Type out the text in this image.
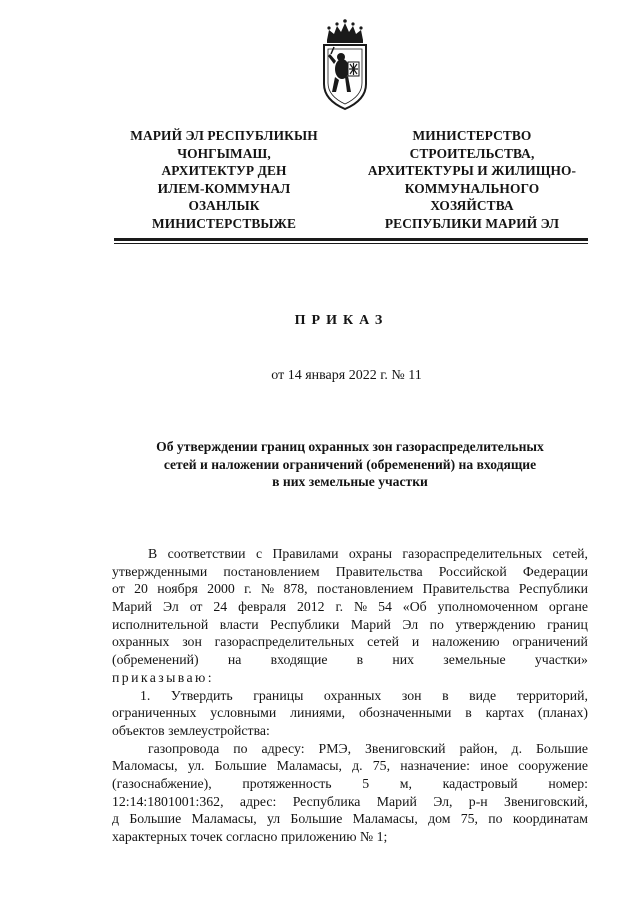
МАРИЙ ЭЛ РЕСПУБЛИКЫН
ЧОНГЫМАШ,
АРХИТЕКТУР ДЕН
ИЛЕМ-КОММУНАЛ
ОЗАНЛЫК
МИНИСТЕРСТВЫЖЕ
МИНИСТЕРСТВО
СТРОИТЕЛЬСТВА,
АРХИТЕКТУРЫ И ЖИЛИЩНО-
КОММУНАЛЬНОГО
ХОЗЯЙСТВА
РЕСПУБЛИКИ МАРИЙ ЭЛ
ПРИКАЗ
от 14 января 2022 г. № 11
Об утверждении границ охранных зон газораспределительных
сетей и наложении ограничений (обременений) на входящие
в них земельные участки
В соответствии с Правилами охраны газораспределительных сетей,
утвержденными постановлением Правительства Российской Федерации
от 20 ноября 2000 г. № 878, постановлением Правительства Республики
Марий Эл от 24 февраля 2012 г. № 54 «Об уполномоченном органе
исполнительной власти Республики Марий Эл по утверждению границ
охранных зон газораспределительных сетей и наложению ограничений
(обременений) на входящие в них земельные участки»
приказываю:
1. Утвердить границы охранных зон в виде территорий,
ограниченных условными линиями, обозначенными в картах (планах)
объектов землеустройства:
газопровода по адресу: РМЭ, Звениговский район, д. Большие
Маломасы, ул. Большие Маламасы, д. 75, назначение: иное сооружение
(газоснабжение), протяженность 5 м, кадастровый номер:
12:14:1801001:362, адрес: Республика Марий Эл, р-н Звениговский,
д Большие Маламасы, ул Большие Маламасы, дом 75, по координатам
характерных точек согласно приложению № 1;
